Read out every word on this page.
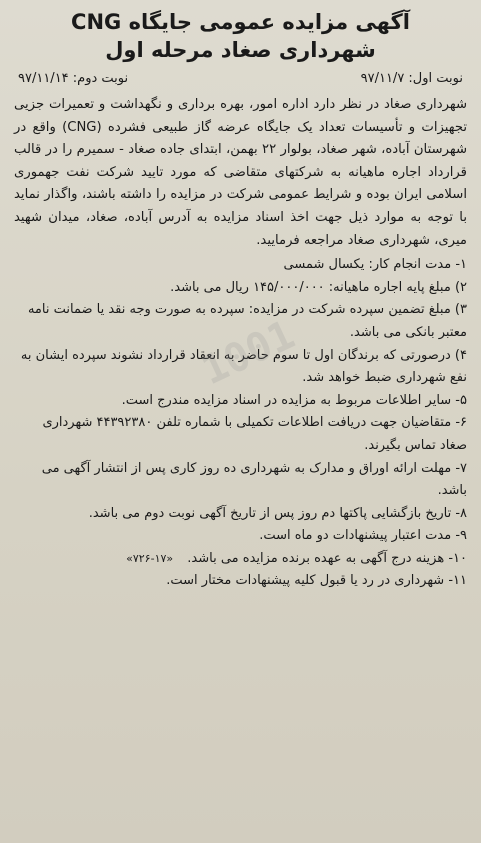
1001
آگهی مزایده عمومی جایگاه CNG
شهرداری صغاد مرحله اول
نوبت اول: ۹۷/۱۱/۷
نوبت دوم: ۹۷/۱۱/۱۴

شهرداری صغاد در نظر دارد اداره امور، بهره برداری و نگهداشت و تعمیرات جزیی تجهیزات و تأسیسات تعداد یک جایگاه عرضه گاز طبیعی فشرده (CNG) واقع در شهرستان آباده، شهر صغاد، بولوار ۲۲ بهمن، ابتدای جاده صغاد - سمیرم را در قالب قرارداد اجاره ماهیانه به شرکتهای متقاضی که مورد تایید شرکت نفت جهموری اسلامی ایران بوده و شرایط عمومی شرکت در مزایده را داشته باشند، واگذار نماید با توجه به موارد ذیل جهت اخذ اسناد مزایده به آدرس آباده، صغاد، میدان شهید میری، شهرداری صغاد مراجعه فرمایید.

۱- مدت انجام کار: یکسال شمسی

۲) مبلغ پایه اجاره ماهیانه: ۱۴۵/۰۰۰/۰۰۰ ریال می باشد.

۳) مبلغ تضمین سپرده شرکت در مزایده: سپرده به صورت وجه نقد یا ضمانت نامه معتبر بانکی می باشد.

۴) درصورتی که برندگان اول تا سوم حاضر به انعقاد قرارداد نشوند سپرده ایشان به نفع شهرداری ضبط خواهد شد.

۵- سایر اطلاعات مربوط به مزایده در اسناد مزایده مندرج است.

۶- متقاضیان جهت دریافت اطلاعات تکمیلی با شماره تلفن ۴۴۳۹۲۳۸۰ شهرداری صغاد تماس بگیرند.

۷- مهلت ارائه اوراق و مدارک به شهرداری ده روز کاری پس از انتشار آگهی می باشد.

۸- تاریخ بازگشایی پاکتها دم روز پس از تاریخ آگهی نوبت دوم می باشد.

۹- مدت اعتبار پیشنهادات دو ماه است.

۱۰- هزینه درج آگهی به عهده برنده مزایده می باشد. «۱۷-۷۲۶»

۱۱- شهرداری در رد یا قبول کلیه پیشنهادات مختار است.
